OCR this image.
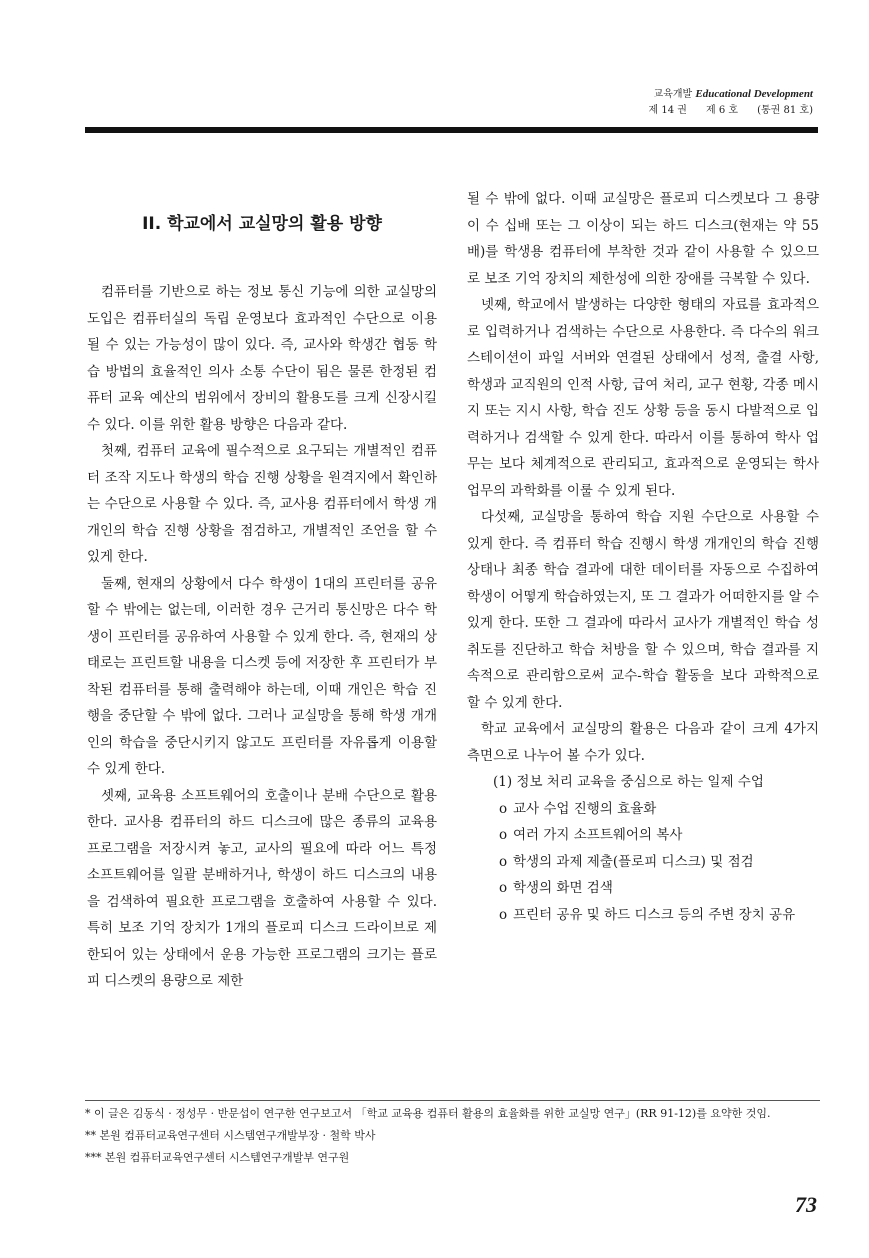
교육개발 Educational Development
제 14 권 제 6 호 (통권 81 호)
II. 학교에서 교실망의 활용 방향

컴퓨터를 기반으로 하는 정보 통신 기능에 의한 교실망의 도입은 컴퓨터실의 독립 운영보다 효과적인 수단으로 이용될 수 있는 가능성이 많이 있다. 즉, 교사와 학생간 협동 학습 방법의 효율적인 의사 소통 수단이 됨은 물론 한정된 컴퓨터 교육 예산의 범위에서 장비의 활용도를 크게 신장시킬 수 있다. 이를 위한 활용 방향은 다음과 같다.

첫째, 컴퓨터 교육에 필수적으로 요구되는 개별적인 컴퓨터 조작 지도나 학생의 학습 진행 상황을 원격지에서 확인하는 수단으로 사용할 수 있다. 즉, 교사용 컴퓨터에서 학생 개개인의 학습 진행 상황을 점검하고, 개별적인 조언을 할 수 있게 한다.

둘째, 현재의 상황에서 다수 학생이 1대의 프린터를 공유할 수 밖에는 없는데, 이러한 경우 근거리 통신망은 다수 학생이 프린터를 공유하여 사용할 수 있게 한다. 즉, 현재의 상태로는 프린트할 내용을 디스켓 등에 저장한 후 프린터가 부착된 컴퓨터를 통해 출력해야 하는데, 이때 개인은 학습 진행을 중단할 수 밖에 없다. 그러나 교실망을 통해 학생 개개인의 학습을 중단시키지 않고도 프린터를 자유롭게 이용할 수 있게 한다.

셋째, 교육용 소프트웨어의 호출이나 분배 수단으로 활용한다. 교사용 컴퓨터의 하드 디스크에 많은 종류의 교육용 프로그램을 저장시켜 놓고, 교사의 필요에 따라 어느 특정 소프트웨어를 일괄 분배하거나, 학생이 하드 디스크의 내용을 검색하여 필요한 프로그램을 호출하여 사용할 수 있다. 특히 보조 기억 장치가 1개의 플로피 디스크 드라이브로 제한되어 있는 상태에서 운용 가능한 프로그램의 크기는 플로피 디스켓의 용량으로 제한

될 수 밖에 없다. 이때 교실망은 플로피 디스켓보다 그 용량이 수 십배 또는 그 이상이 되는 하드 디스크(현재는 약 55배)를 학생용 컴퓨터에 부착한 것과 같이 사용할 수 있으므로 보조 기억 장치의 제한성에 의한 장애를 극복할 수 있다.

넷째, 학교에서 발생하는 다양한 형태의 자료를 효과적으로 입력하거나 검색하는 수단으로 사용한다. 즉 다수의 워크스테이션이 파일 서버와 연결된 상태에서 성적, 출결 사항, 학생과 교직원의 인적 사항, 급여 처리, 교구 현황, 각종 메시지 또는 지시 사항, 학습 진도 상황 등을 동시 다발적으로 입력하거나 검색할 수 있게 한다. 따라서 이를 통하여 학사 업무는 보다 체계적으로 관리되고, 효과적으로 운영되는 학사 업무의 과학화를 이룰 수 있게 된다.

다섯째, 교실망을 통하여 학습 지원 수단으로 사용할 수 있게 한다. 즉 컴퓨터 학습 진행시 학생 개개인의 학습 진행 상태나 최종 학습 결과에 대한 데이터를 자동으로 수집하여 학생이 어떻게 학습하였는지, 또 그 결과가 어떠한지를 알 수 있게 한다. 또한 그 결과에 따라서 교사가 개별적인 학습 성취도를 진단하고 학습 처방을 할 수 있으며, 학습 결과를 지속적으로 관리함으로써 교수-학습 활동을 보다 과학적으로 할 수 있게 한다.

학교 교육에서 교실망의 활용은 다음과 같이 크게 4가지 측면으로 나누어 볼 수가 있다.

(1) 정보 처리 교육을 중심으로 하는 일제 수업

o 교사 수업 진행의 효율화
o 여러 가지 소프트웨어의 복사
o 학생의 과제 제출(플로피 디스크) 및 점검
o 학생의 화면 검색
o 프린터 공유 및 하드 디스크 등의 주변 장치 공유
* 이 글은 김동식 · 정성무 · 반문섭이 연구한 연구보고서 「학교 교육용 컴퓨터 활용의 효율화를 위한 교실망 연구」(RR 91-12)를 요약한 것임.
** 본원 컴퓨터교육연구센터 시스템연구개발부장 · 철학 박사
*** 본원 컴퓨터교육연구센터 시스템연구개발부 연구원
73
